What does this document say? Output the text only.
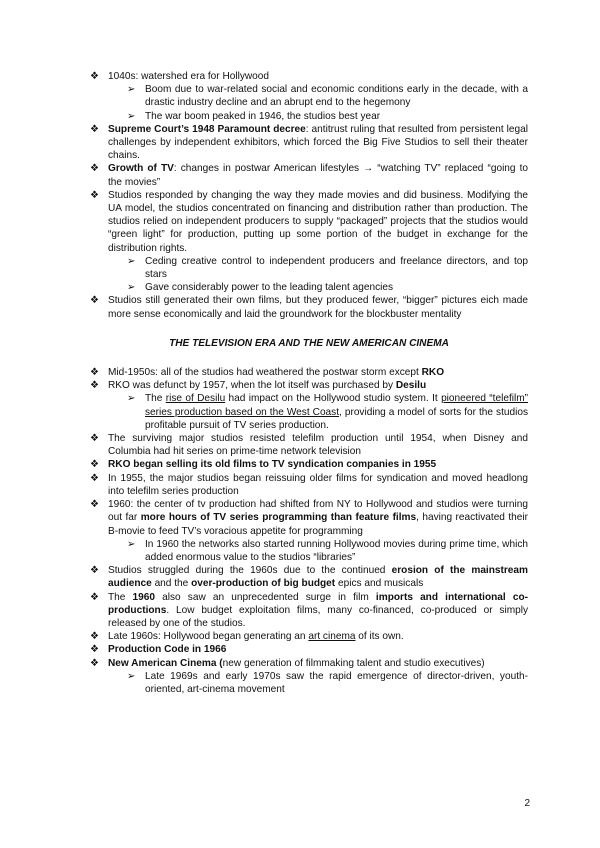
❖ 1040s: watershed era for Hollywood
➢ Boom due to war-related social and economic conditions early in the decade, with a drastic industry decline and an abrupt end to the hegemony
➢ The war boom peaked in 1946, the studios best year
❖ Supreme Court’s 1948 Paramount decree: antitrust ruling that resulted from persistent legal challenges by independent exhibitors, which forced the Big Five Studios to sell their theater chains.
❖ Growth of TV: changes in postwar American lifestyles → “watching TV” replaced “going to the movies”
❖ Studios responded by changing the way they made movies and did business. Modifying the UA model, the studios concentrated on financing and distribution rather than production. The studios relied on independent producers to supply “packaged” projects that the studios would “green light” for production, putting up some portion of the budget in exchange for the distribution rights.
➢ Ceding creative control to independent producers and freelance directors, and top stars
➢ Gave considerably power to the leading talent agencies
❖ Studios still generated their own films, but they produced fewer, “bigger” pictures eich made more sense economically and laid the groundwork for the blockbuster mentality
THE TELEVISION ERA AND THE NEW AMERICAN CINEMA
❖ Mid-1950s: all of the studios had weathered the postwar storm except RKO
❖ RKO was defunct by 1957, when the lot itself was purchased by Desilu
➢ The rise of Desilu had impact on the Hollywood studio system. It pioneered “telefilm” series production based on the West Coast, providing a model of sorts for the studios profitable pursuit of TV series production.
❖ The surviving major studios resisted telefilm production until 1954, when Disney and Columbia had hit series on prime-time network television
❖ RKO began selling its old films to TV syndication companies in 1955
❖ In 1955, the major studios began reissuing older films for syndication and moved headlong into telefilm series production
❖ 1960: the center of tv production had shifted from NY to Hollywood and studios were turning out far more hours of TV series programming than feature films, having reactivated their B-movie to feed TV’s voracious appetite for programming
➢ In 1960 the networks also started running Hollywood movies during prime time, which added enormous value to the studios “libraries”
❖ Studios struggled during the 1960s due to the continued erosion of the mainstream audience and the over-production of big budget epics and musicals
❖ The 1960 also saw an unprecedented surge in film imports and international co-productions. Low budget exploitation films, many co-financed, co-produced or simply released by one of the studios.
❖ Late 1960s: Hollywood began generating an art cinema of its own.
❖ Production Code in 1966
❖ New American Cinema (new generation of filmmaking talent and studio executives)
➢ Late 1969s and early 1970s saw the rapid emergence of director-driven, youth-oriented, art-cinema movement
2
